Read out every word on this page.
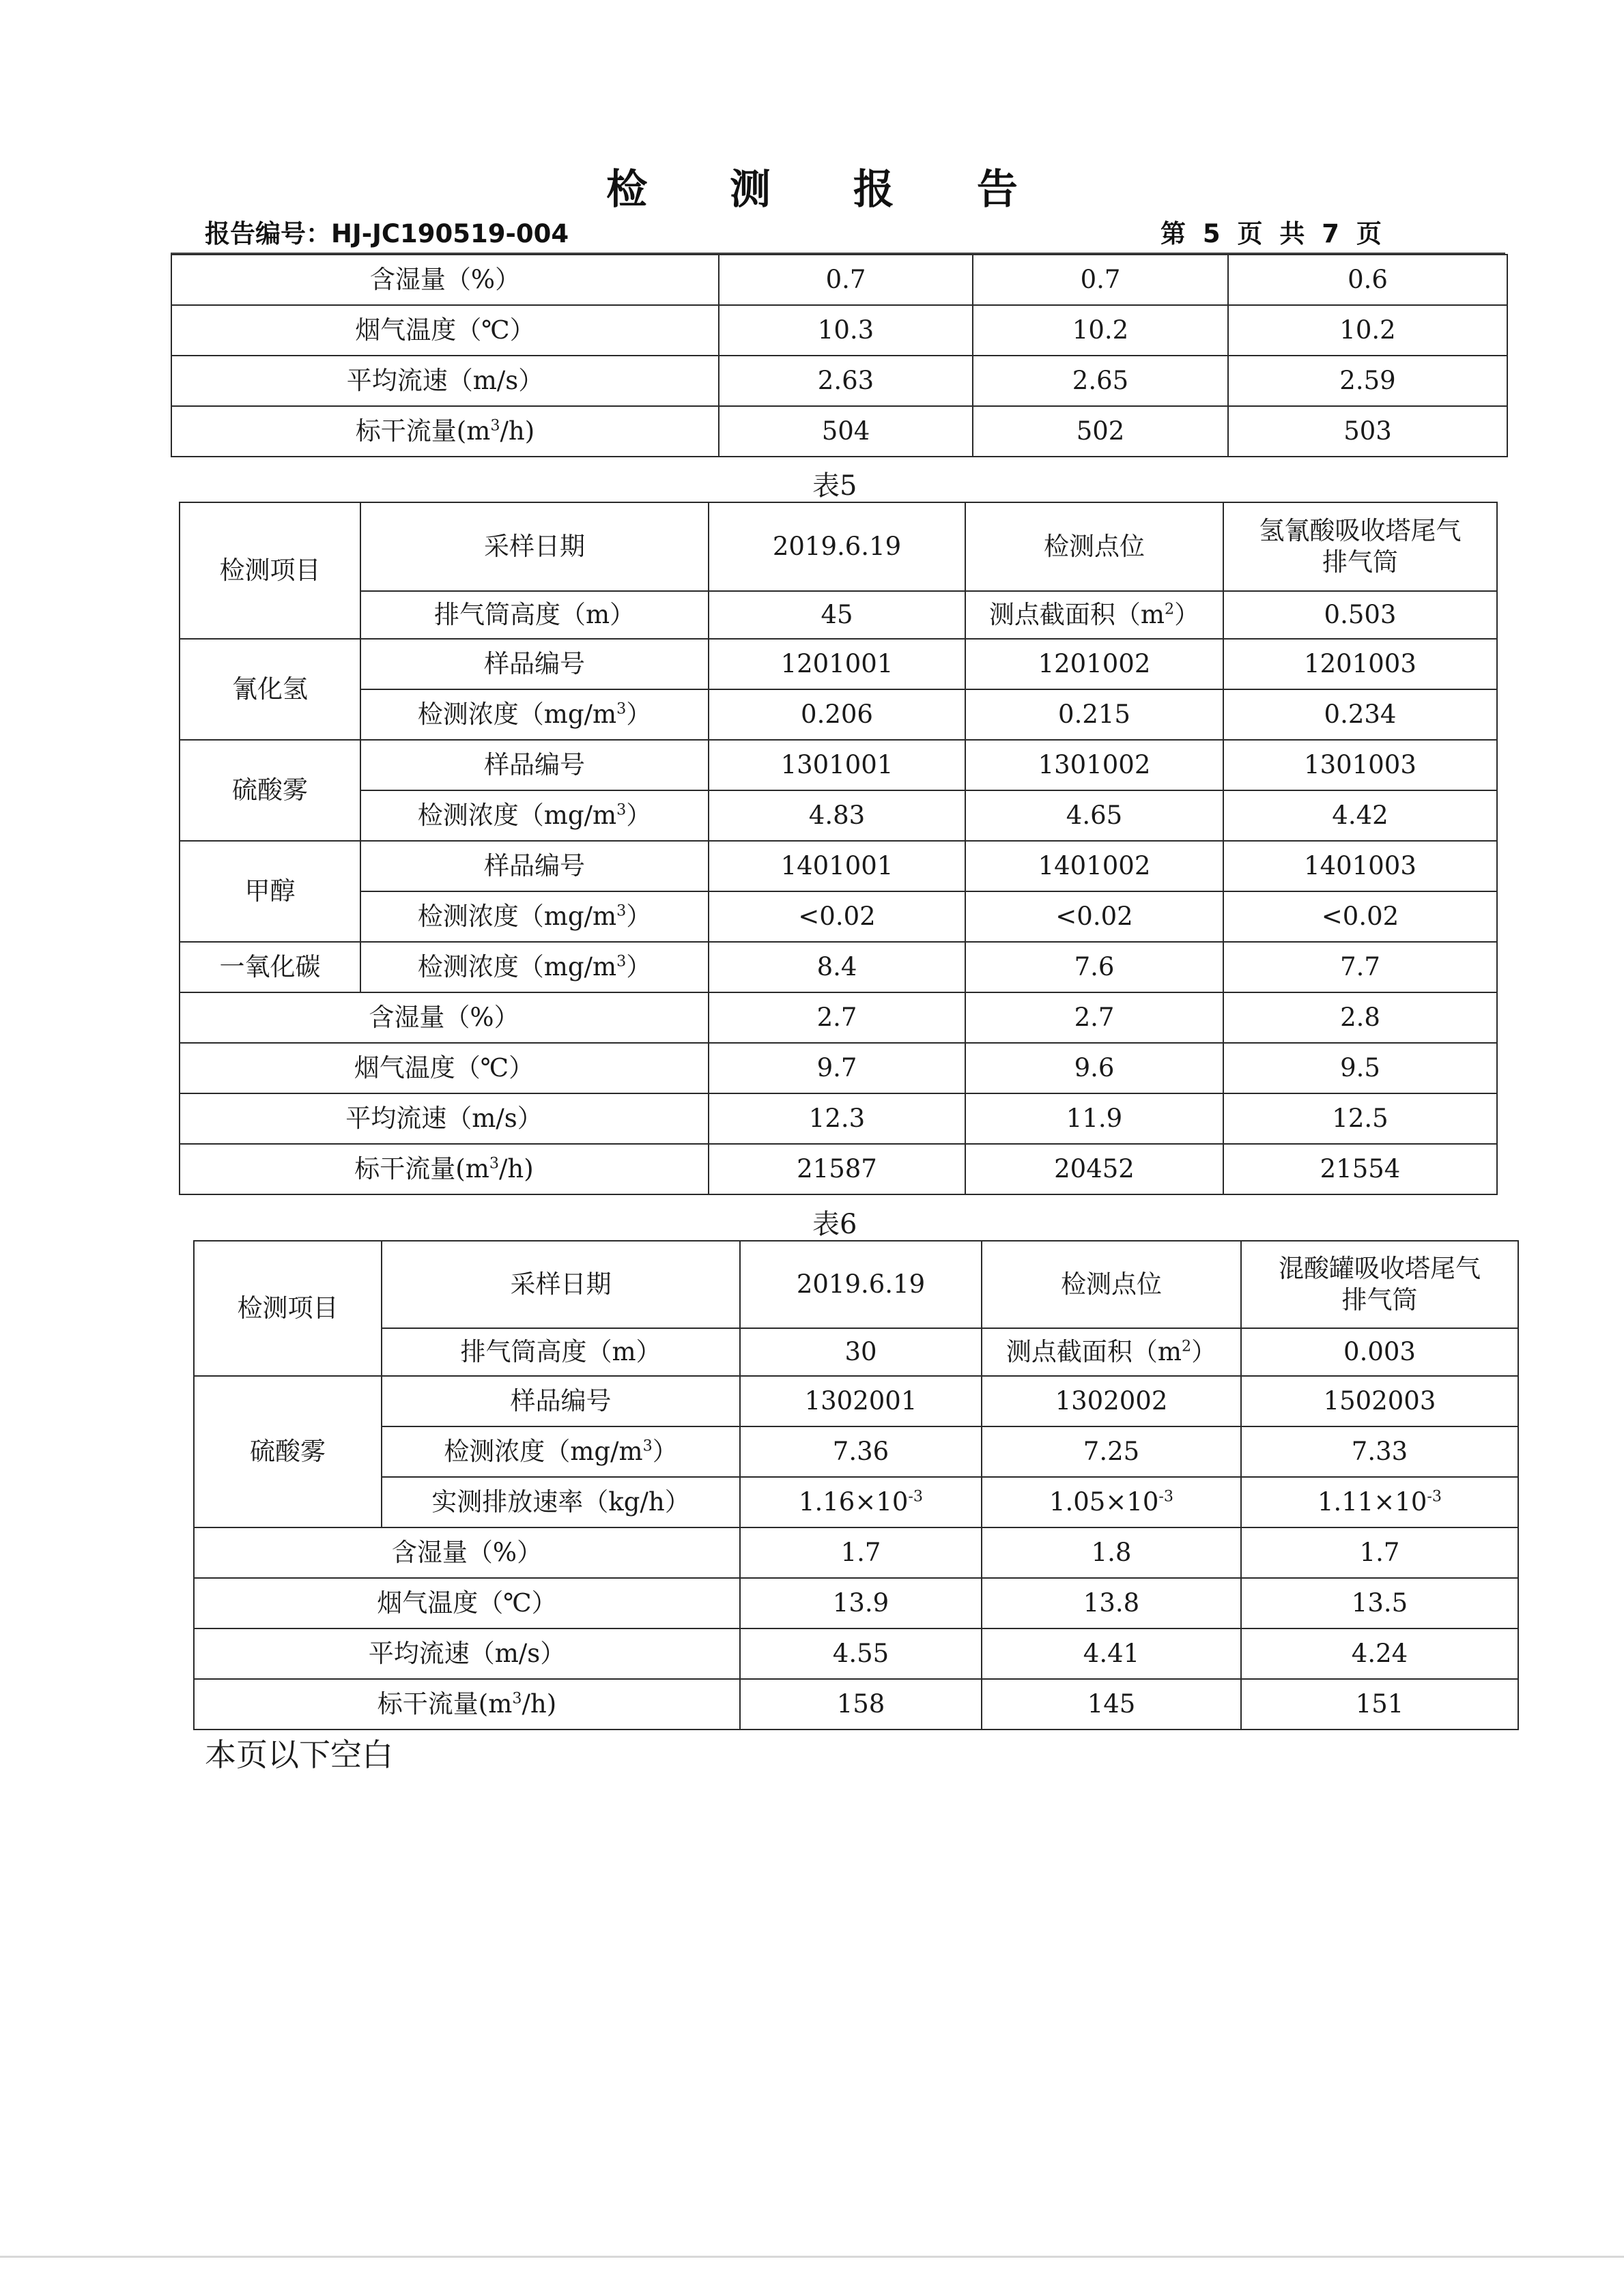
检 测 报 告
报告编号：HJ-JC190519-004	第 5 页 共 7 页
含湿量（%）	0.7	0.7	0.6
烟气温度（℃）	10.3	10.2	10.2
平均流速（m/s）	2.63	2.65	2.59
标干流量$(m^3/h)$	504	502	503
表5
检测项目	采样日期	2019.6.19	检测点位	氢氰酸吸收塔尾气
排气筒
	排气筒高度（m）	45	测点截面积$(m^2)$	0.503
氰化氢	样品编号	1201001	1201002	1201003
	检测浓度$(mg/m^3)$	0.206	0.215	0.234
硫酸雾	样品编号	1301001	1301002	1301003
	检测浓度$(mg/m^3)$	4.83	4.65	4.42
甲醇	样品编号	1401001	1401002	1401003
	检测浓度$(mg/m^3)$	<0.02	<0.02	<0.02
一氧化碳	检测浓度$(mg/m^3)$	8.4	7.6	7.7
含湿量（%）		2.7	2.7	2.8
烟气温度（℃）		9.7	9.6	9.5
平均流速（m/s）		12.3	11.9	12.5
标干流量$(m^3/h)$		21587	20452	21554
表6
检测项目	采样日期	2019.6.19	检测点位	混酸罐吸收塔尾气
排气筒
	排气筒高度（m）	30	测点截面积$(m^2)$	0.003
硫酸雾	样品编号	1302001	1302002	1502003
	检测浓度$(mg/m^3)$	7.36	7.25	7.33
	实测排放速率（kg/h）	$1.16\times 10^{-3}$	$1.05\times 10^{-3}$	$1.11\times 10^{-3}$
含湿量（%）		1.7	1.8	1.7
烟气温度（℃）		13.9	13.8	13.5
平均流速（m/s）		4.55	4.41	4.24
标干流量$(m^3/h)$		158	145	151
本页以下空白
